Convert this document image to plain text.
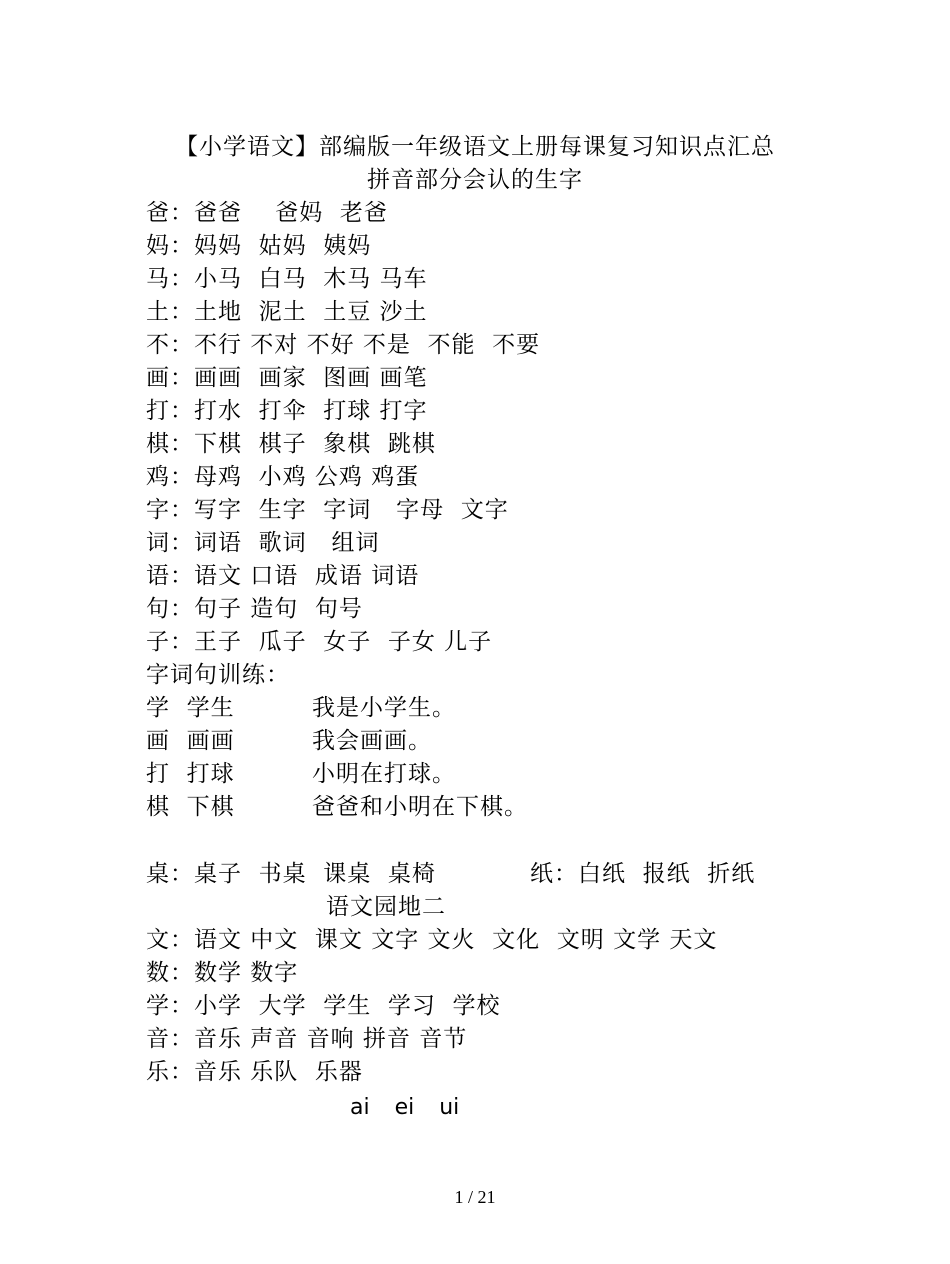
【小学语文】部编版一年级语文上册每课复习知识点汇总
拼音部分会认的生字
爸：爸爸    爸妈  老爸
妈：妈妈  姑妈  姨妈
马：小马  白马  木马 马车
土：土地  泥土  土豆 沙土
不：不行 不对 不好 不是  不能  不要
画：画画  画家  图画 画笔
打：打水  打伞  打球 打字
棋：下棋  棋子  象棋  跳棋
鸡：母鸡  小鸡 公鸡 鸡蛋
字：写字  生字  字词   字母  文字
词：词语  歌词   组词
语：语文 口语  成语 词语
句：句子 造句  句号
子：王子  瓜子  女子  子女 儿子
字词句训练：
学  学生	我是小学生。
画  画画	我会画画。
打  打球	小明在打球。
棋  下棋	爸爸和小明在下棋。
桌：桌子  书桌  课桌  桌椅	纸：白纸  报纸  折纸
语文园地二
文：语文 中文  课文 文字 文火  文化  文明 文学 天文
数：数学 数字
学：小学  大学  学生  学习  学校
音：音乐 声音 音响 拼音 音节
乐：音乐 乐队  乐器
ai ei ui
1 / 21
